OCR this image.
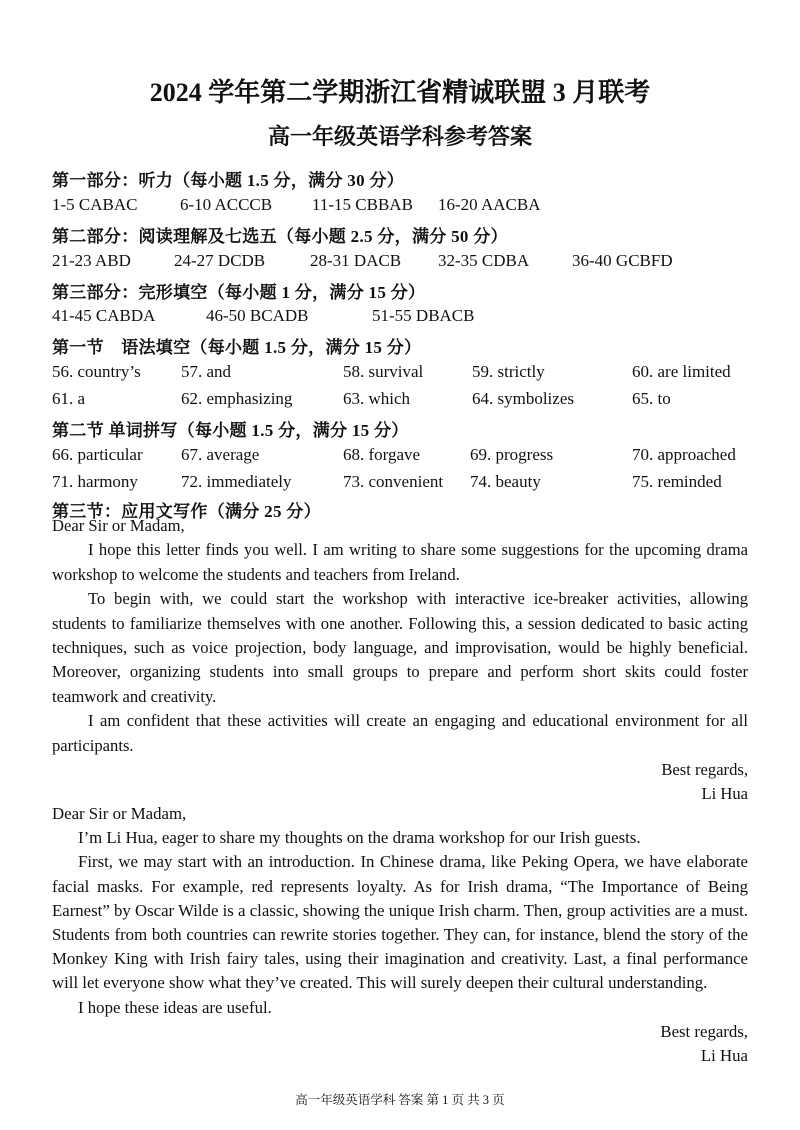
2024 学年第二学期浙江省精诚联盟 3 月联考
高一年级英语学科参考答案
第一部分：听力（每小题 1.5 分，满分 30 分）
1-5 CABAC	6-10 ACCCB 11-15 CBBAB 16-20 AACBA
第二部分：阅读理解及七选五（每小题 2.5 分，满分 50 分）
21-23 ABD	24-27 DCDB	28-31 DACB 32-35 CDBA	36-40 GCBFD
第三部分：完形填空（每小题 1 分，满分 15 分）
41-45 CABDA	46-50 BCADB	51-55 DBACB
第一节　语法填空（每小题 1.5 分，满分 15 分）
56. country’s 57. and	58. survival	59. strictly	60. are limited
61. a	62. emphasizing	63. which	64. symbolizes	65. to
第二节 单词拼写（每小题 1.5 分，满分 15 分）
66. particular 67. average	68. forgave	69. progress	70. approached
71. harmony	72. immediately	73. convenient 74. beauty	75. reminded
第三节：应用文写作（满分 25 分）

Dear Sir or Madam,

I hope this letter finds you well. I am writing to share some suggestions for the upcoming drama workshop to welcome the students and teachers from Ireland.

To begin with, we could start the workshop with interactive ice-breaker activities, allowing students to familiarize themselves with one another. Following this, a session dedicated to basic acting techniques, such as voice projection, body language, and improvisation, would be highly beneficial. Moreover, organizing students into small groups to prepare and perform short skits could foster teamwork and creativity.

I am confident that these activities will create an engaging and educational environment for all participants.

Best regards,

Li Hua

Dear Sir or Madam,

I’m Li Hua, eager to share my thoughts on the drama workshop for our Irish guests.

First, we may start with an introduction. In Chinese drama, like Peking Opera, we have elaborate facial masks. For example, red represents loyalty. As for Irish drama, “The Importance of Being Earnest” by Oscar Wilde is a classic, showing the unique Irish charm. Then, group activities are a must. Students from both countries can rewrite stories together. They can, for instance, blend the story of the Monkey King with Irish fairy tales, using their imagination and creativity. Last, a final performance will let everyone show what they’ve created. This will surely deepen their cultural understanding.

I hope these ideas are useful.

Best regards,

Li Hua

高一年级英语学科 答案 第 1 页 共 3 页
